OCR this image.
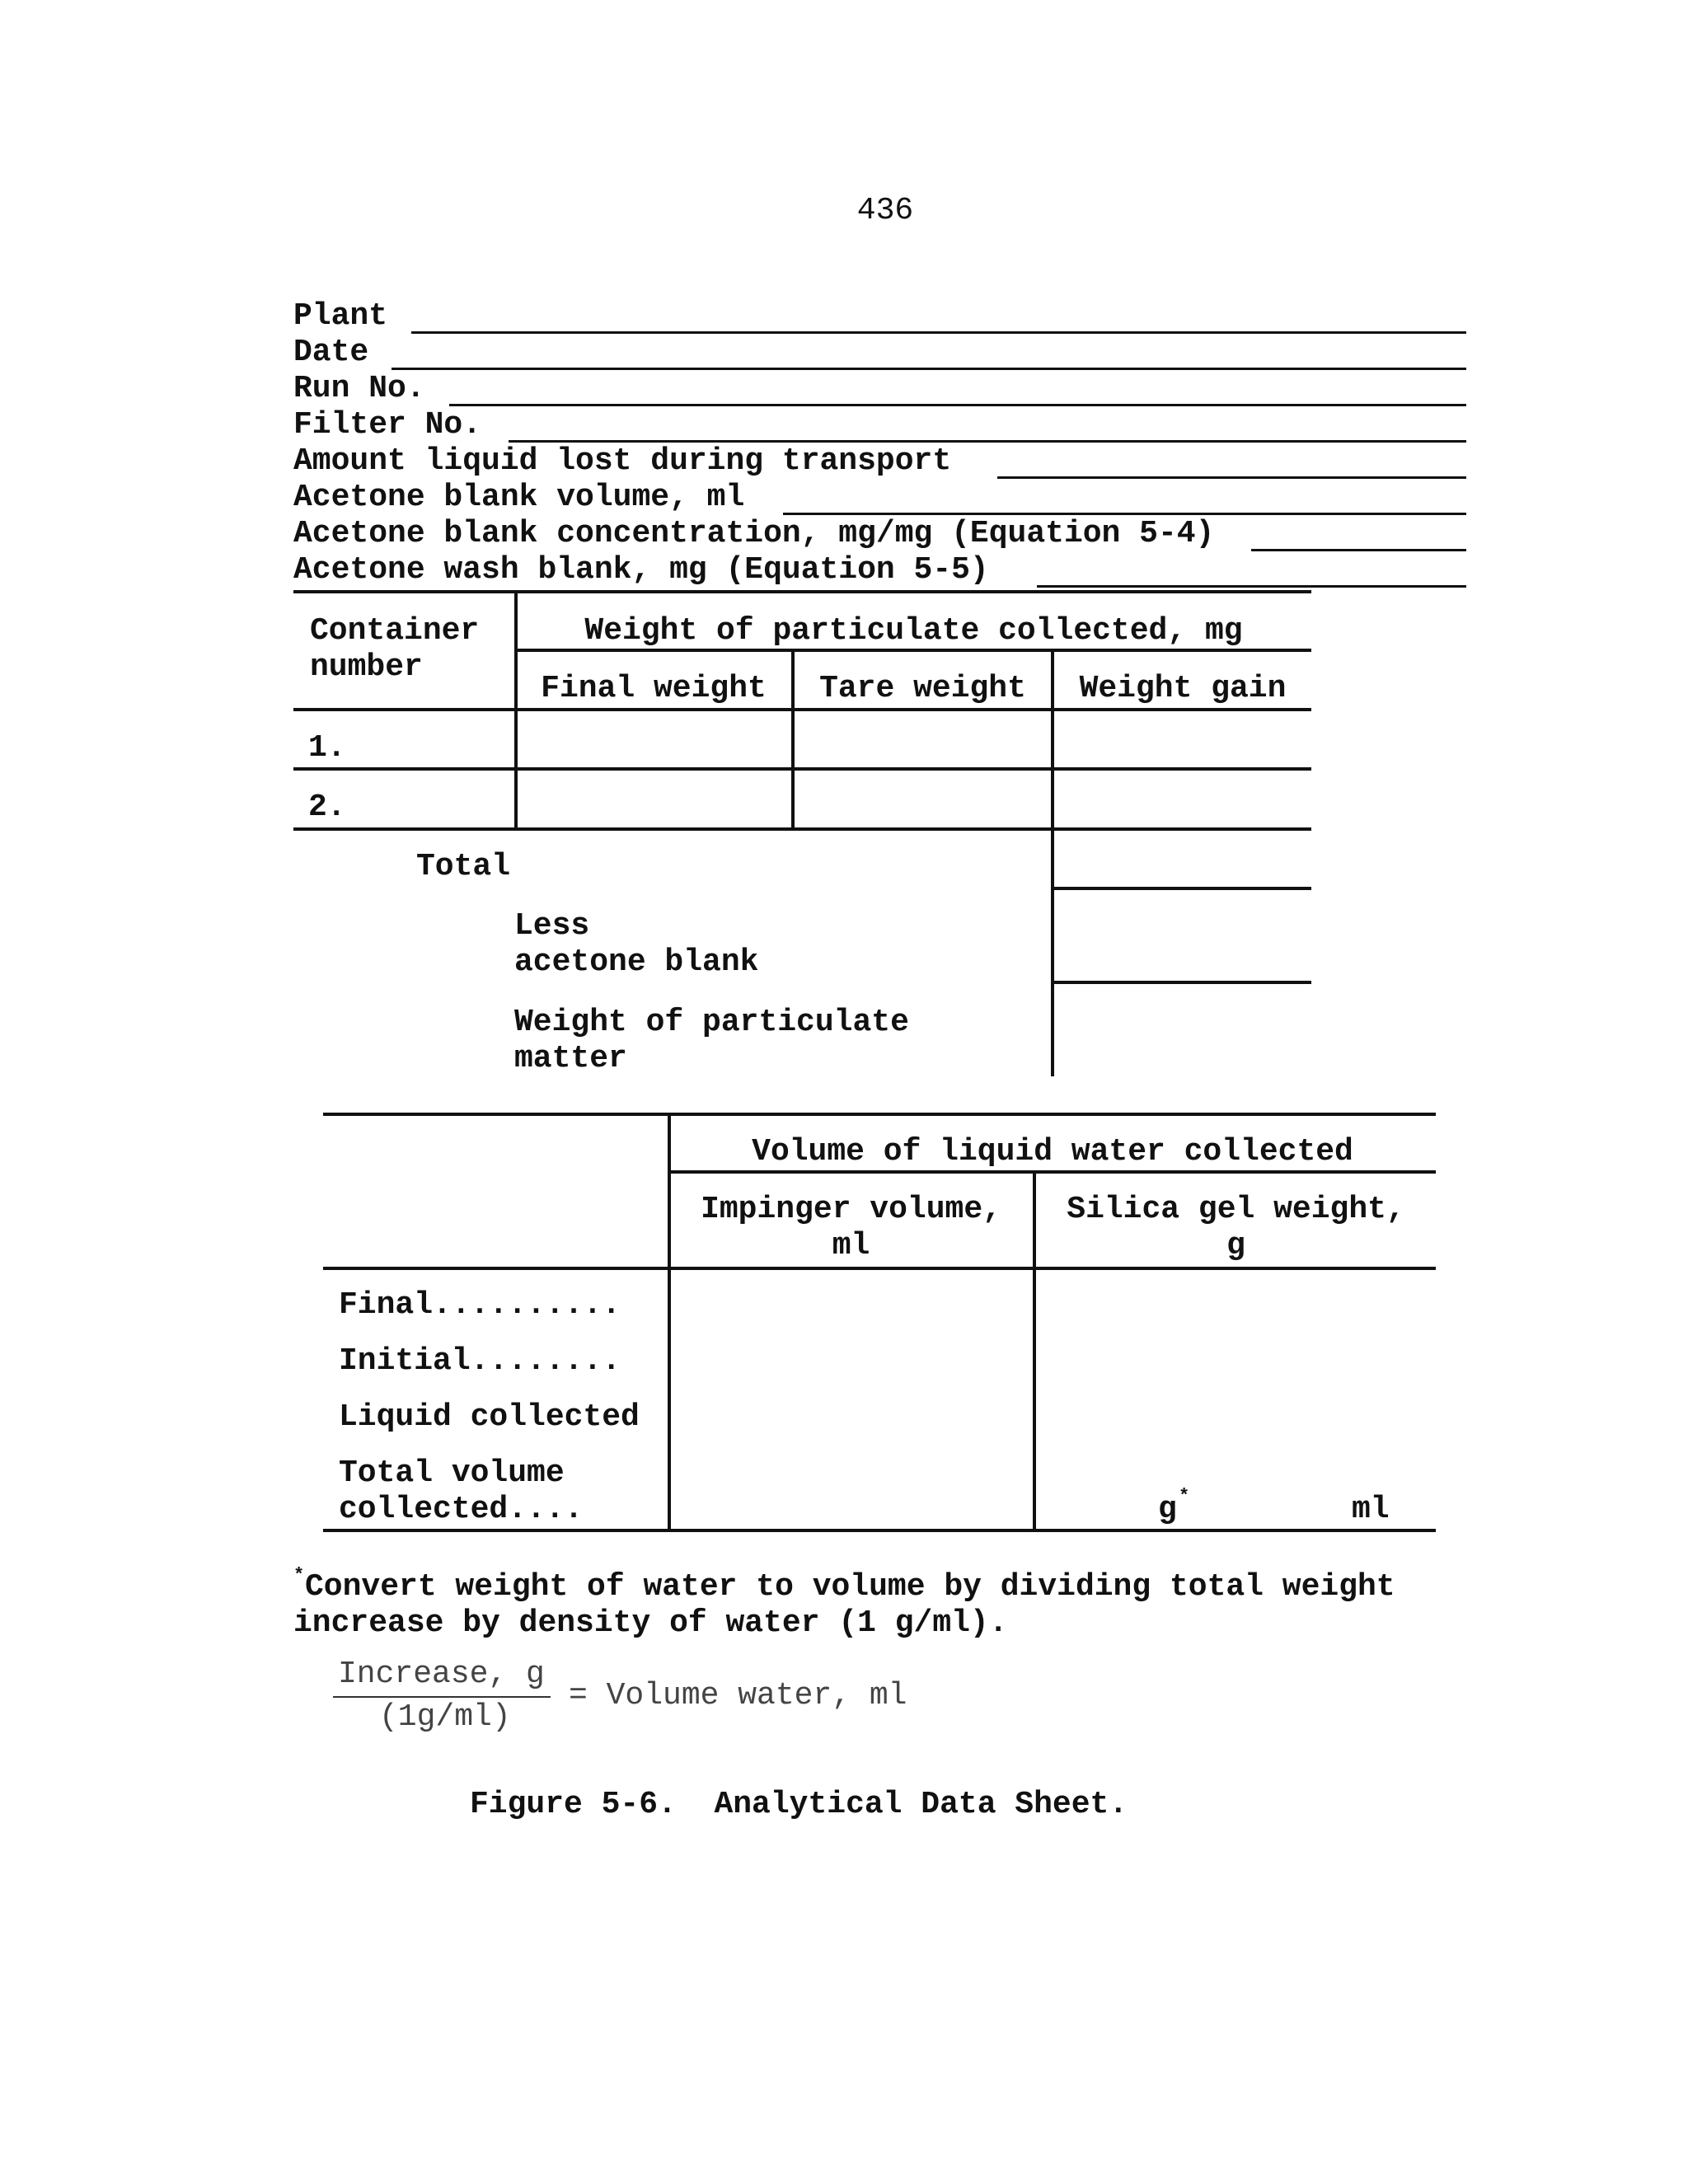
436
Plant
Date
Run No.
Filter No.
Amount liquid lost during transport
Acetone blank volume, ml
Acetone blank concentration, mg/mg (Equation 5-4)
Acetone wash blank, mg (Equation 5-5)
Container
number
Weight of particulate collected, mg
Final weight	Tare weight	Weight gain
1.
2.
Total
Less
acetone blank
Weight of particulate
matter
Volume of liquid water collected
Impinger volume,
ml
Silica gel weight,
g
Final..........
Initial........
Liquid collected
Total volume
collected....	g *	ml
* Convert weight of water to volume by dividing total weight
increase by density of water (1 g/ml).
Increase, g
(1g/ml)
= Volume water, ml
Figure 5-6.  Analytical Data Sheet.
